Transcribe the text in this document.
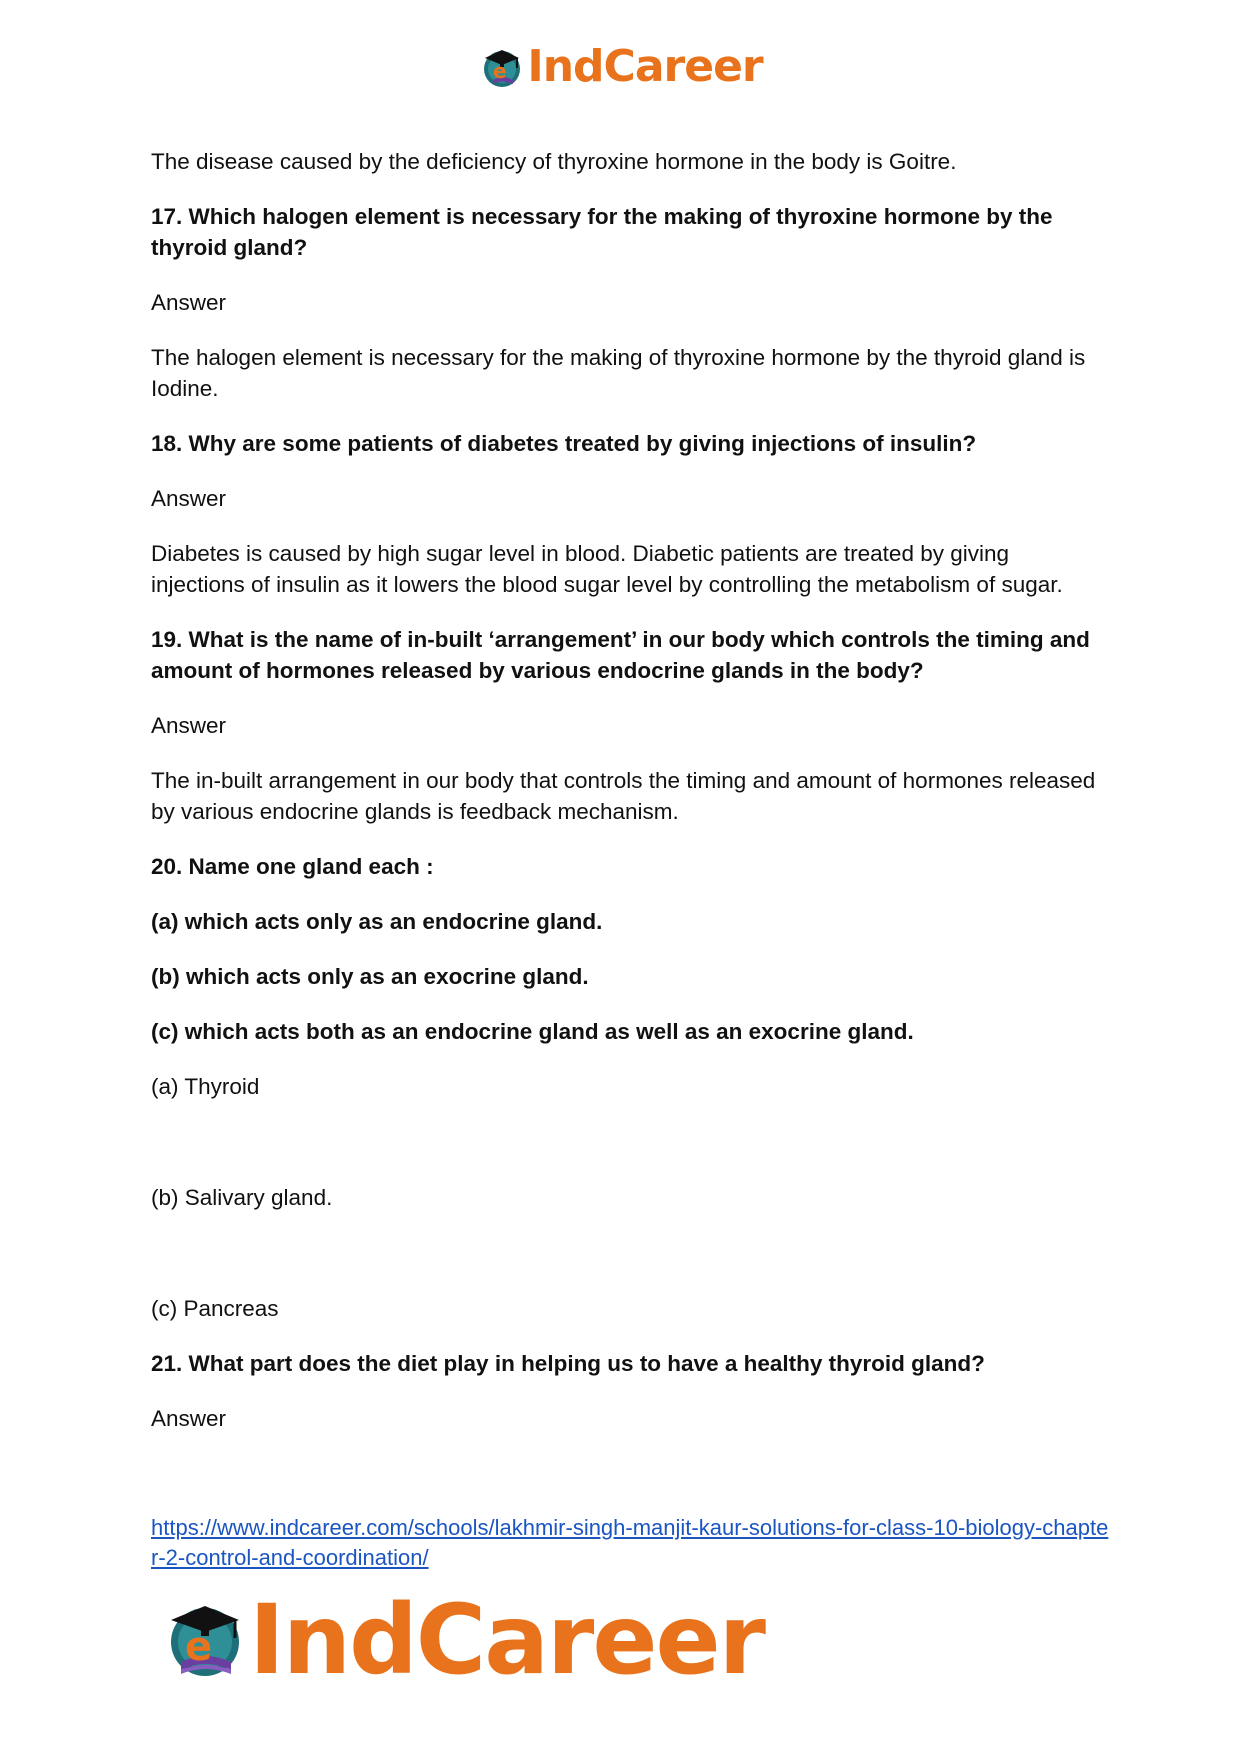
e IndCareer

The disease caused by the deficiency of thyroxine hormone in the body is Goitre.

17. Which halogen element is necessary for the making of thyroxine hormone by the thyroid gland?

Answer

The halogen element is necessary for the making of thyroxine hormone by the thyroid gland is Iodine.

18. Why are some patients of diabetes treated by giving injections of insulin?

Answer

Diabetes is caused by high sugar level in blood. Diabetic patients are treated by giving injections of insulin as it lowers the blood sugar level by controlling the metabolism of sugar.

19. What is the name of in-built ‘arrangement’ in our body which controls the timing and amount of hormones released by various endocrine glands in the body?

Answer

The in-built arrangement in our body that controls the timing and amount of hormones released by various endocrine glands is feedback mechanism.

20. Name one gland each :

(a) which acts only as an endocrine gland.

(b) which acts only as an exocrine gland.

(c) which acts both as an endocrine gland as well as an exocrine gland.

(a) Thyroid

(b) Salivary gland.

(c) Pancreas

21. What part does the diet play in helping us to have a healthy thyroid gland?

Answer

https://www.indcareer.com/schools/lakhmir-singh-manjit-kaur-solutions-for-class-10-biology-chapter-2-control-and-coordination/
e IndCareer
